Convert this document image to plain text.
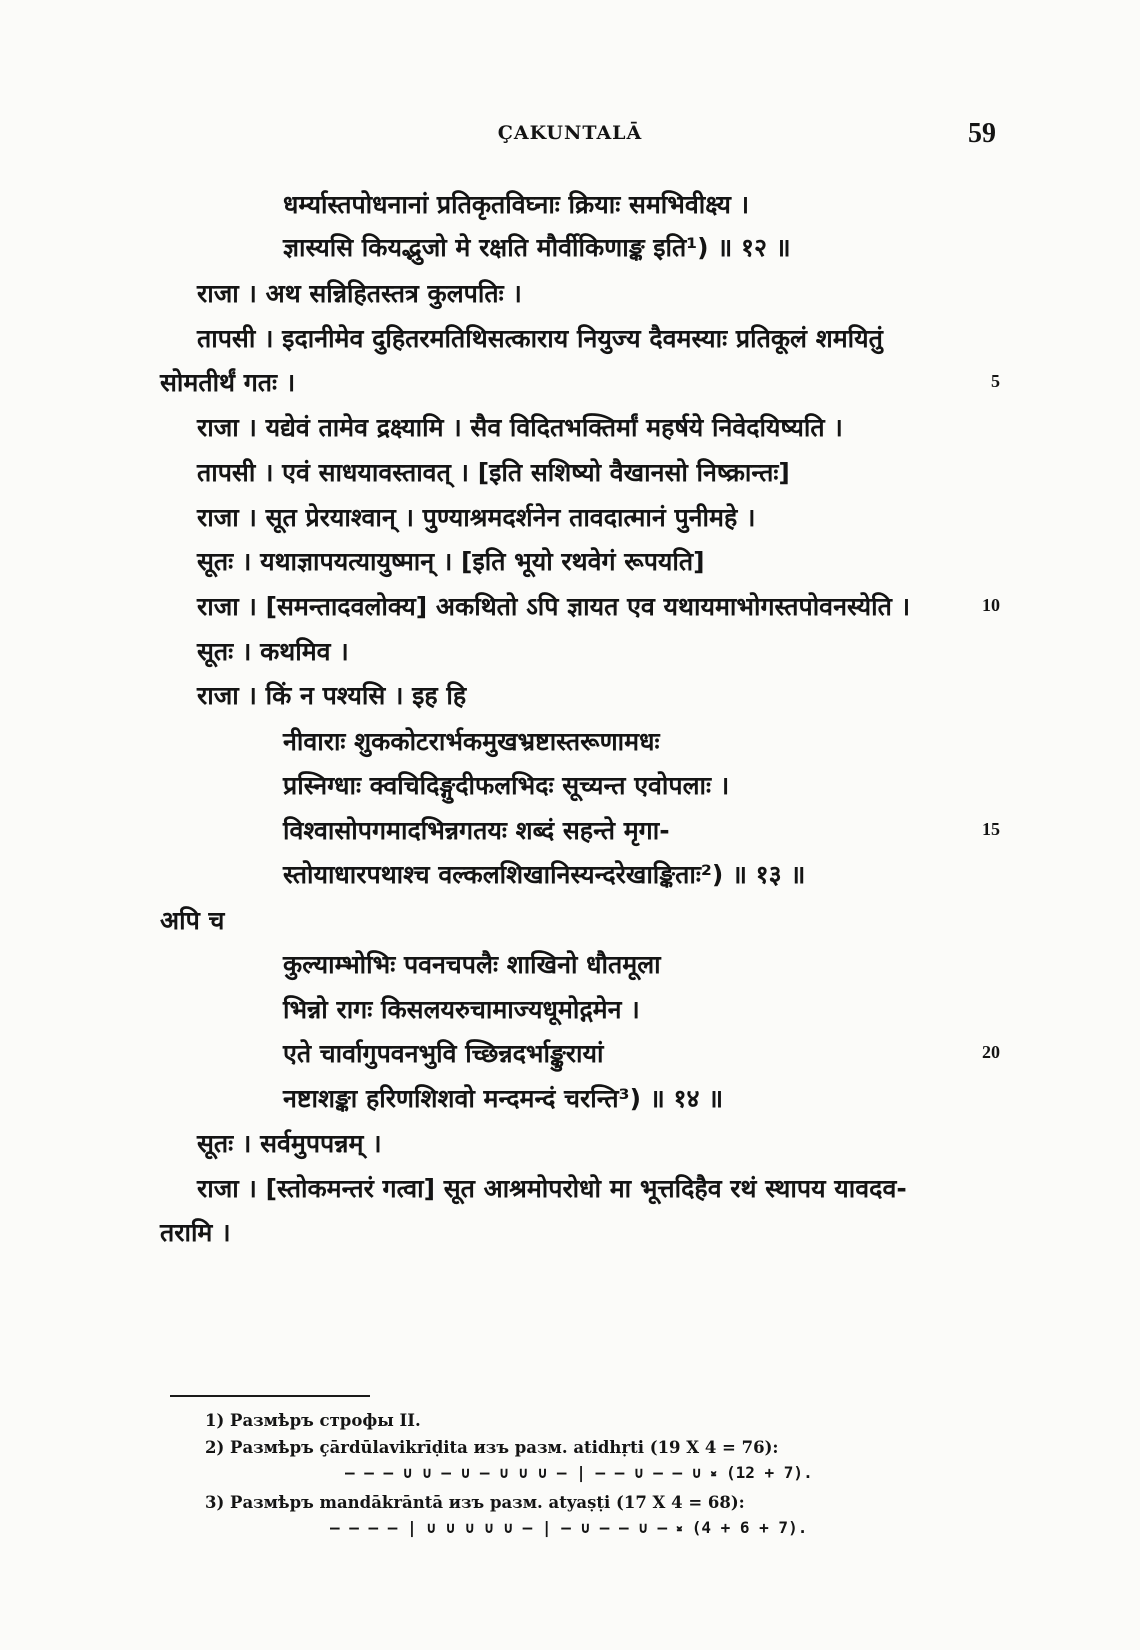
ÇAKUNTALĀ	59
धर्म्यास्तपोधनानां प्रतिकृतविघ्नाः क्रियाः समभिवीक्ष्य ।
ज्ञास्यसि कियद्भुजो मे रक्षति मौर्वीकिणाङ्क इति¹) ॥ १२ ॥
राजा । अथ सन्निहितस्तत्र कुलपतिः ।
तापसी । इदानीमेव दुहितरमतिथिसत्काराय नियुज्य दैवमस्याः प्रतिकूलं शमयितुं
सोमतीर्थं गतः ।	5
राजा । यद्येवं तामेव द्रक्ष्यामि । सैव विदितभक्तिर्मां महर्षये निवेदयिष्यति ।
तापसी । एवं साधयावस्तावत् । [इति सशिष्यो वैखानसो निष्क्रान्तः]
राजा । सूत प्रेरयाश्वान् । पुण्याश्रमदर्शनेन तावदात्मानं पुनीमहे ।
सूतः । यथाज्ञापयत्यायुष्मान् । [इति भूयो रथवेगं रूपयति]
राजा । [समन्तादवलोक्य] अकथितो ऽपि ज्ञायत एव यथायमाभोगस्तपोवनस्येति ।	10
सूतः । कथमिव ।
राजा । किं न पश्यसि । इह हि
नीवाराः शुककोटरार्भकमुखभ्रष्टास्तरूणामधः
प्रस्निग्धाः क्वचिदिङ्गुदीफलभिदः सूच्यन्त एवोपलाः ।
विश्वासोपगमादभिन्नगतयः शब्दं सहन्ते मृगा-	15
स्तोयाधारपथाश्च वल्कलशिखानिस्यन्दरेखाङ्किताः²) ॥ १३ ॥
अपि च
कुल्याम्भोभिः पवनचपलैः शाखिनो धौतमूला
भिन्नो रागः किसलयरुचामाज्यधूमोद्गमेन ।
एते चार्वागुपवनभुवि च्छिन्नदर्भाङ्कुरायां	20
नष्टाशङ्का हरिणशिशवो मन्दमन्दं चरन्ति³) ॥ १४ ॥
सूतः । सर्वमुपपन्नम् ।
राजा । [स्तोकमन्तरं गत्वा] सूत आश्रमोपरोधो मा भूत्तदिहैव रथं स्थापय यावदव-
तरामि ।
1) Размѣръ строфы II.
2) Размѣръ çārdūlavikrīḍita изъ разм. atidhṛti (19 X 4 = 76):
– – – ∪ ∪ – ∪ – ∪ ∪ ∪ – | – – ∪ – – ∪ ⏓ (12 + 7).
3) Размѣръ mandākrāntā изъ разм. atyaṣṭi (17 X 4 = 68):
– – – – | ∪ ∪ ∪ ∪ ∪ – | – ∪ – – ∪ – ⏓ (4 + 6 + 7).
